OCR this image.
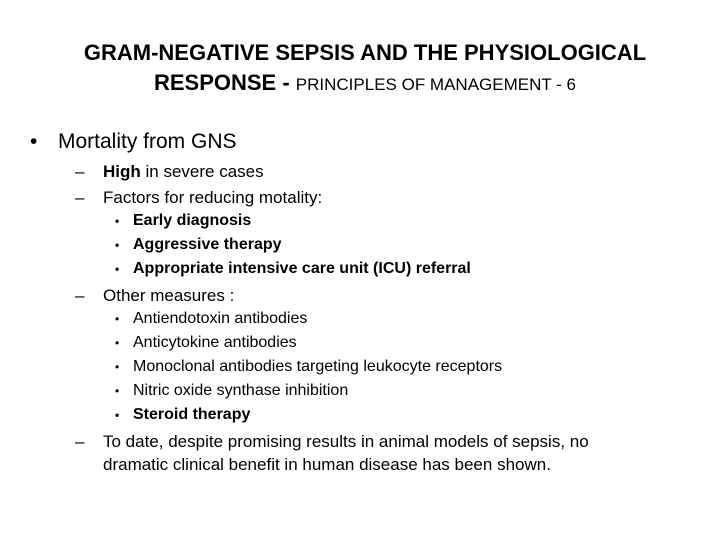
GRAM-NEGATIVE SEPSIS AND THE PHYSIOLOGICAL
RESPONSE - PRINCIPLES OF MANAGEMENT - 6
• Mortality from GNS
– High in severe cases
– Factors for reducing motality:
• Early diagnosis
• Aggressive therapy
• Appropriate intensive care unit (ICU) referral
– Other measures :
• Antiendotoxin antibodies
• Anticytokine antibodies
• Monoclonal antibodies targeting leukocyte receptors
• Nitric oxide synthase inhibition
• Steroid therapy
– To date, despite promising results in animal models of sepsis, no
dramatic clinical benefit in human disease has been shown.
